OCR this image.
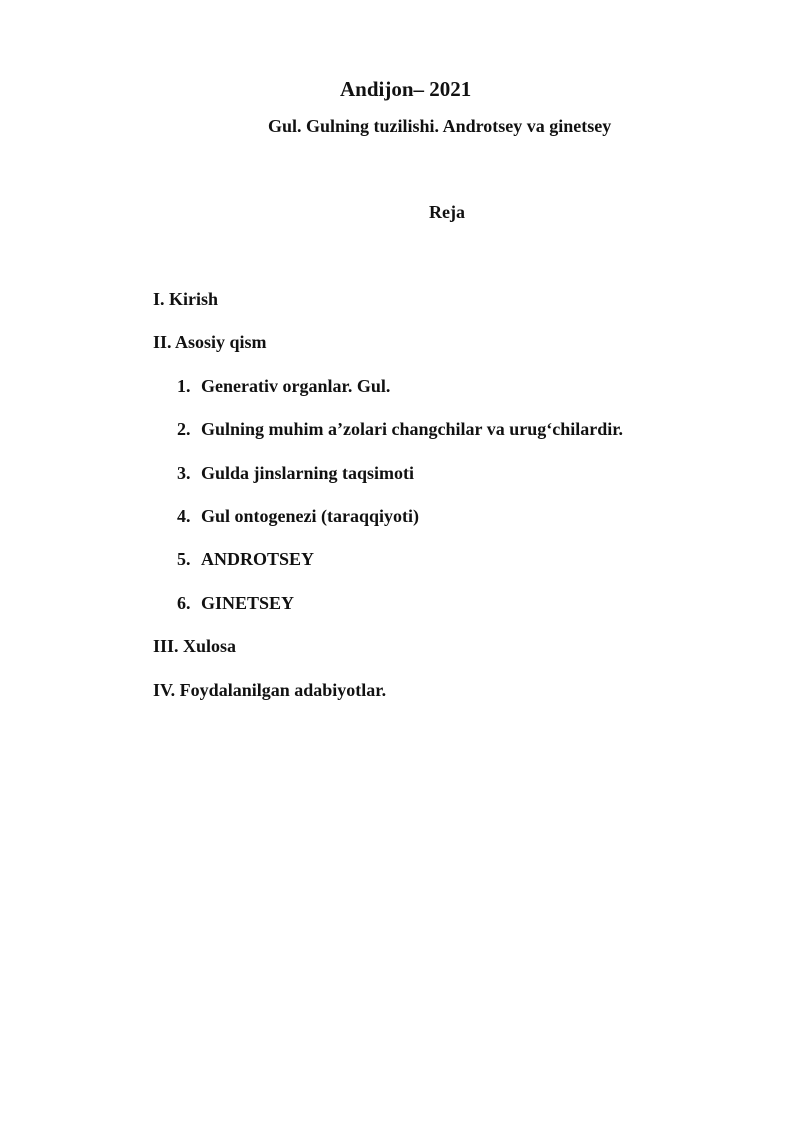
Andijon– 2021
Gul. Gulning tuzilishi. Androtsey va ginetsey
Reja
I. Kirish
II. Asosiy qism
1. Generativ organlar. Gul.
2. Gulning muhim a’zolari changchilar va urug‘chilardir.
3. Gulda jinslarning taqsimoti
4. Gul ontogenezi (taraqqiyoti)
5. ANDROTSEY
6. GINETSEY
III. Xulosa
IV. Foydalanilgan adabiyotlar.
